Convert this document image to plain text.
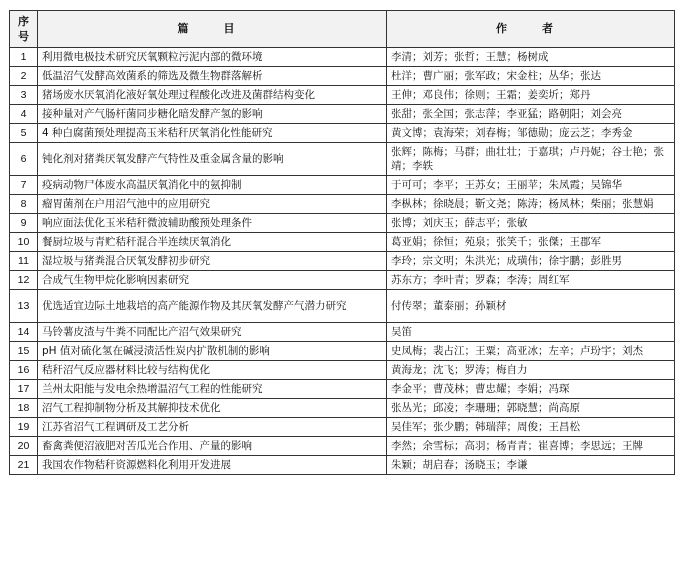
序号	篇　目	作　者
1	利用微电极技术研究厌氧颗粒污泥内部的微环境	李清；刘芳；张哲；王慧；杨树成
2	低温沼气发酵高效菌系的筛选及微生物群落解析	杜洋；曹广丽；张军政；宋金柱；丛华；张达
3	猪场废水厌氧消化液好氧处理过程酸化改进及菌群结构变化	王伸；邓良伟；徐则；王霜；姜奕圻；郑丹
4	接种量对产气肠杆菌同步糖化暗发酵产氢的影响	张甜；张全国；张志萍；李亚猛；路朝阳；刘会亮
5	4 种白腐菌预处理提高玉米秸秆厌氧消化性能研究	黄文博；袁海荣；刘春梅；邹德勋；庞云芝；李秀金
6	钝化剂对猪粪厌氧发酵产气特性及重金属含量的影响	张辉；陈梅；马群；曲壮壮；于嘉琪；卢丹妮；谷士艳；张靖；李轶
7	疫病动物尸体废水高温厌氧消化中的氨抑制	于可可；李平；王苏女；王丽苹；朱凤霞；吴锦华
8	瘤胃菌剂在户用沼气池中的应用研究	李枞林；徐晓晨；靳文尧；陈涛；杨凤林；柴丽；张慧娟
9	响应面法优化玉米秸秆微波辅助酸预处理条件	张博；刘庆玉；薛志平；张敏
10	餐厨垃圾与青贮秸秆混合半连续厌氧消化	葛亚娟；徐恒；苑泉；张笑千；张傑；王郡军
11	湿垃圾与猪粪混合厌氧发酵初步研究	李玲；宗文明；朱洪光；成璜伟；徐宇鹏；彭胜男
12	合成气生物甲烷化影响因素研究	苏东方；李叶青；罗森；李涛；周红军
13	优选适宜边际土地栽培的高产能源作物及其厌氧发酵产气潜力研究	付传翠；董泰丽；孙颖材
14	马铃薯皮渣与牛粪不同配比产沼气效果研究	吴笛
15	pH 值对硫化氢在碱浸渍活性炭内扩散机制的影响	史凤梅；裴占江；王粟；高亚冰；左辛；卢玢宇；刘杰
16	秸秆沼气反应器材料比较与结构优化	黄海龙；沈飞；罗涛；梅自力
17	兰州太阳能与发电余热增温沼气工程的性能研究	李金平；曹茂林；曹忠耀；李娟；冯琛
18	沼气工程抑制物分析及其解抑技术优化	张丛光；邱凌；李珊珊；郭晓慧；尚高原
19	江苏省沼气工程调研及工艺分析	吴佳军；张少鹏；韩瑞萍；周俊；王昌松
20	畜禽粪便沼液肥对苦瓜光合作用、产量的影响	李然；余雪标；高羽；杨青青；崔喜博；李思远；王牌
21	我国农作物秸秆资源燃料化利用开发进展	朱颖；胡启春；汤晓玉；李谦
